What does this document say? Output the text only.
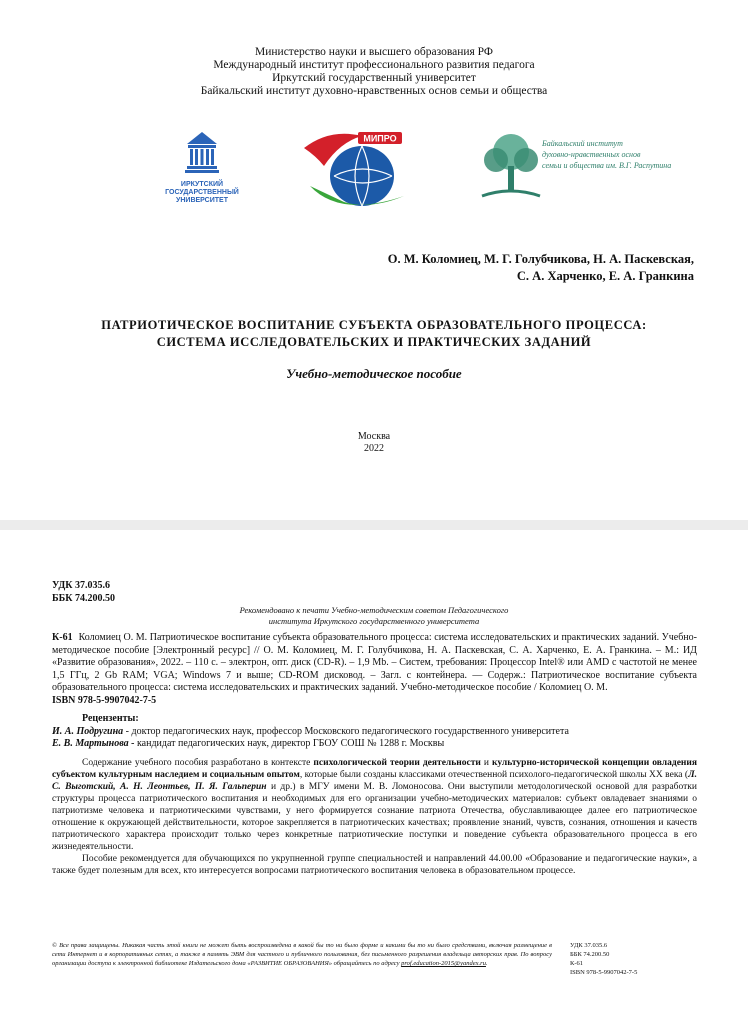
Министерство науки и высшего образования РФ
Международный институт профессионального развития педагога
Иркутский государственный университет
Байкальский институт духовно-нравственных основ семьи и общества
ИРКУТСКИЙ
ГОСУДАРСТВЕННЫЙ
УНИВЕРСИТЕТ
МИПРО	Байкальский институт
духовно-нравственных основ
семьи и общества им. В.Г. Распутина
О. М. Коломиец, М. Г. Голубчикова, Н. А. Паскевская,
С. А. Харченко, Е. А. Гранкина
ПАТРИОТИЧЕСКОЕ ВОСПИТАНИЕ СУБЪЕКТА ОБРАЗОВАТЕЛЬНОГО ПРОЦЕССА:
СИСТЕМА ИССЛЕДОВАТЕЛЬСКИХ И ПРАКТИЧЕСКИХ ЗАДАНИЙ
Учебно-методическое пособие
Москва
2022
УДК 37.035.6
ББК 74.200.50
Рекомендовано к печати Учебно-методическим советом Педагогического
института Иркутского государственного университета
К-61 Коломиец О. М. Патриотическое воспитание субъекта образовательного процесса: система исследовательских и практических заданий. Учебно-методическое пособие [Электронный ресурс] // О. М. Коломиец, М. Г. Голубчикова, Н. А. Паскевская, С. А. Харченко, Е. А. Гранкина. – М.: ИД «Развитие образования», 2022. – 110 с. – электрон, опт. диск (CD-R). – 1,9 Mb. – Систем, требования: Процессор Intel® или AMD с частотой не менее 1,5 ГГц, 2 Gb RAM; VGA; Windows 7 и выше; CD-ROM дисковод. – Загл. с контейнера. — Содерж.: Патриотическое воспитание субъекта образовательного процесса: система исследовательских и практических заданий. Учебно-методическое пособие / Коломиец О. М.
ISBN 978-5-9907042-7-5
Рецензенты:
И. А. Подругина - доктор педагогических наук, профессор Московского педагогического государственного университета
Е. В. Мартынова - кандидат педагогических наук, директор ГБОУ СОШ № 1288 г. Москвы

Содержание учебного пособия разработано в контексте психологической теории деятельности и культурно-исторической концепции овладения субъектом культурным наследием и социальным опытом, которые были созданы классиками отечественной психолого-педагогической школы XX века (Л. С. Выготский, А. Н. Леонтьев, П. Я. Гальперин и др.) в МГУ имени М. В. Ломоносова. Они выступили методологической основой для разработки структуры процесса патриотического воспитания и необходимых для его организации учебно-методических материалов: субъект овладевает знаниями о патриотизме человека и патриотическими чувствами, у него формируется сознание патриота Отечества, обуславливающее далее его патриотическое отношение к окружающей действительности, которое закрепляется в патриотических качествах; проявление знаний, чувств, сознания, отношения и качеств патриотического характера происходит только через конкретные патриотические поступки и поведение субъекта образовательного процесса в его жизнедеятельности.

Пособие рекомендуется для обучающихся по укрупненной группе специальностей и направлений 44.00.00 «Образование и педагогические науки», а также будет полезным для всех, кто интересуется вопросами патриотического воспитания человека в образовательном процессе.

© Все права защищены. Никакая часть этой книги не может быть воспроизведена в какой бы то ни было форме и какими бы то ни было средствами, включая размещение в сети Интернет и в корпоративных сетях, а также в память ЭВМ для частного и публичного пользования, без письменного разрешения владельца авторских прав. По вопросу организации доступа к электронной библиотеке Издательского дома «РАЗВИТИЕ ОБРАЗОВАНИЯ» обращайтесь по адресу prof.education-2015@yandex.ru.
УДК 37.035.6
ББК 74.200.50
К-61
ISBN 978-5-9907042-7-5
